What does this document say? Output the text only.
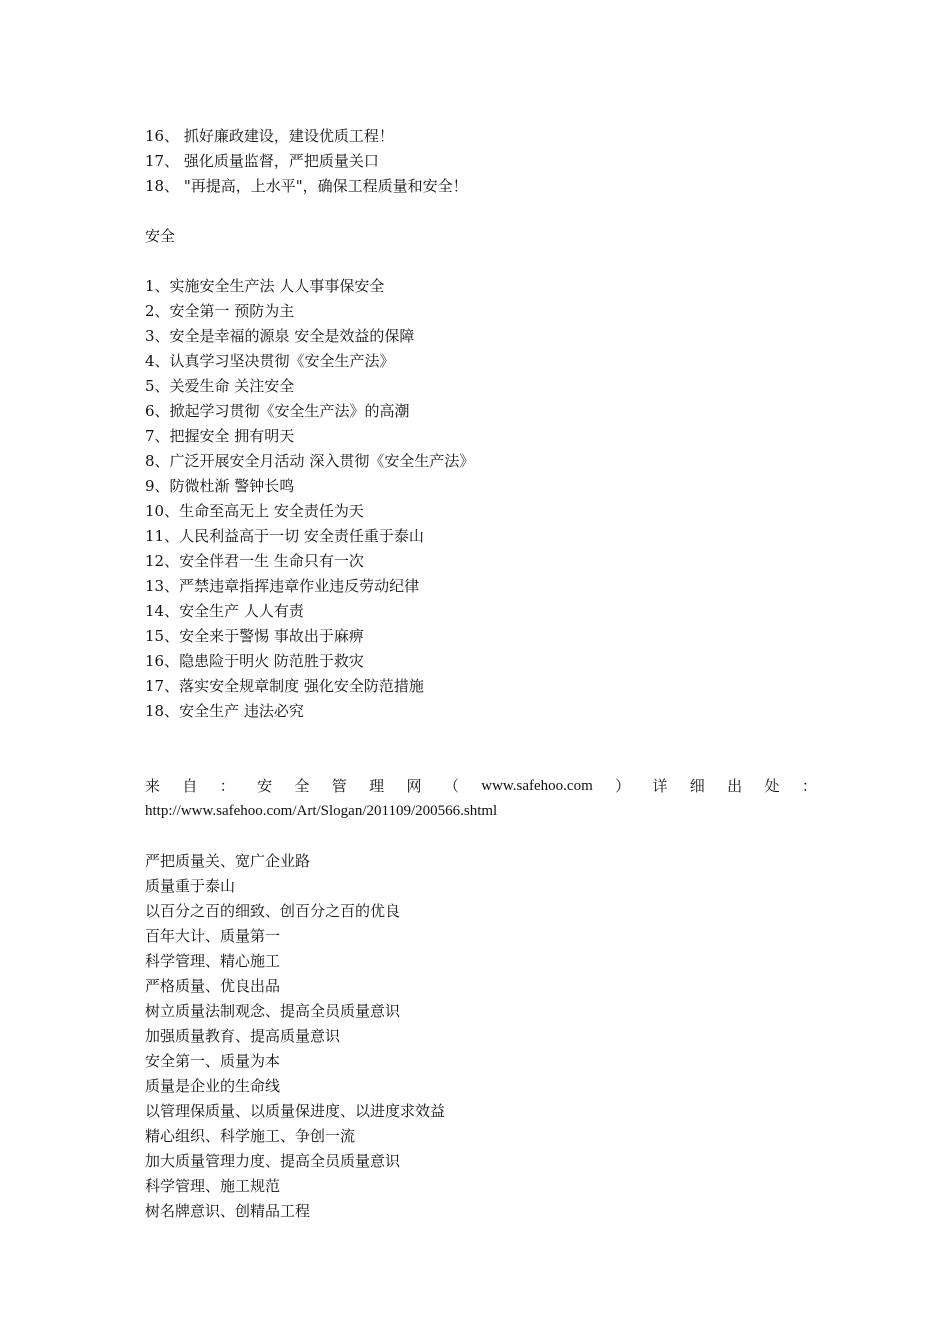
16、 抓好廉政建设，建设优质工程！
17、 强化质量监督，严把质量关口
18、 "再提高，上水平"，确保工程质量和安全！
安全
1、实施安全生产法 人人事事保安全
2、安全第一 预防为主
3、安全是幸福的源泉 安全是效益的保障
4、认真学习坚决贯彻《安全生产法》
5、关爱生命 关注安全
6、掀起学习贯彻《安全生产法》的高潮
7、把握安全 拥有明天
8、广泛开展安全月活动 深入贯彻《安全生产法》
9、防微杜渐 警钟长鸣
10、生命至高无上 安全责任为天
11、人民利益高于一切 安全责任重于泰山
12、安全伴君一生 生命只有一次
13、严禁违章指挥违章作业违反劳动纪律
14、安全生产 人人有责
15、安全来于警惕 事故出于麻痹
16、隐患险于明火 防范胜于救灾
17、落实安全规章制度 强化安全防范措施
18、安全生产 违法必究
来 自 ： 安 全 管 理 网 （ www.safehoo.com ） 详 细 出 处 ：
http://www.safehoo.com/Art/Slogan/201109/200566.shtml
严把质量关、宽广企业路
质量重于泰山
以百分之百的细致、创百分之百的优良
百年大计、质量第一
科学管理、精心施工
严格质量、优良出品
树立质量法制观念、提高全员质量意识
加强质量教育、提高质量意识
安全第一、质量为本
质量是企业的生命线
以管理保质量、以质量保进度、以进度求效益
精心组织、科学施工、争创一流
加大质量管理力度、提高全员质量意识
科学管理、施工规范
树名牌意识、创精品工程
